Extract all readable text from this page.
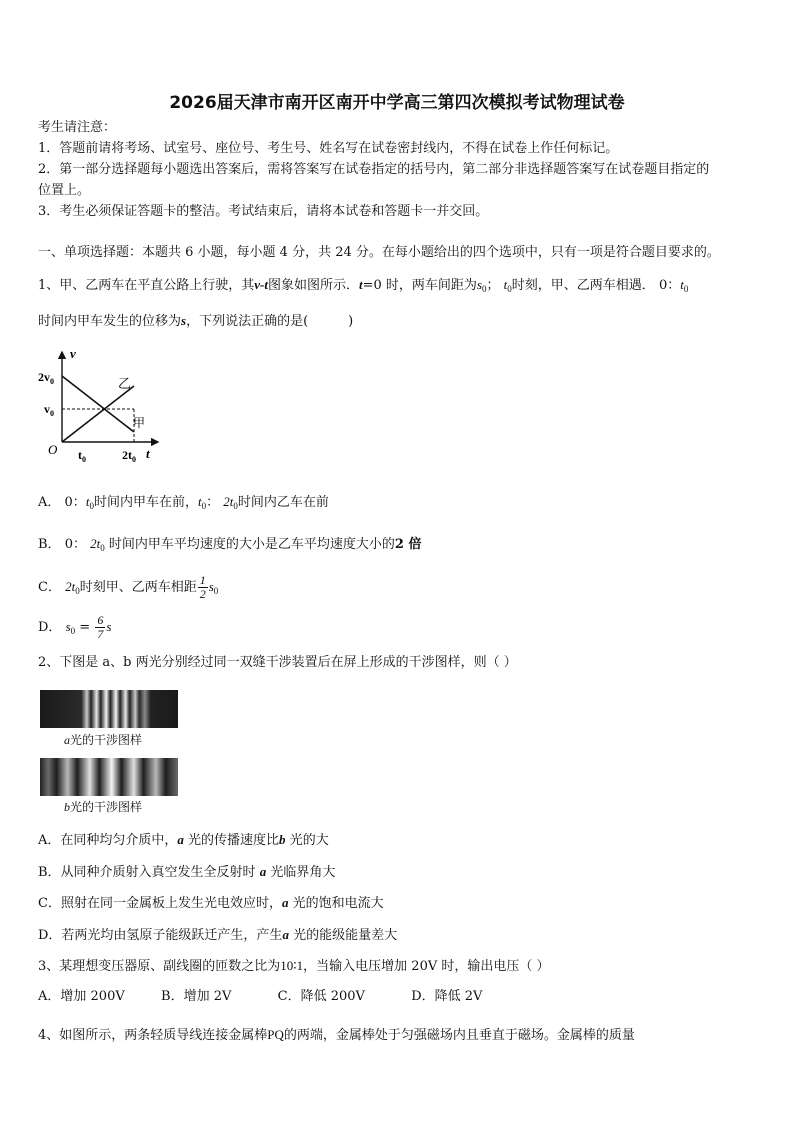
2026届天津市南开区南开中学高三第四次模拟考试物理试卷
考生请注意：
1．答题前请将考场、试室号、座位号、考生号、姓名写在试卷密封线内，不得在试卷上作任何标记。
2．第一部分选择题每小题选出答案后，需将答案写在试卷指定的括号内，第二部分非选择题答案写在试卷题目指定的
位置上。
3．考生必须保证答题卡的整洁。考试结束后，请将本试卷和答题卡一并交回。
一、单项选择题：本题共 6 小题，每小题 4 分，共 24 分。在每小题给出的四个选项中，只有一项是符合题目要求的。
1、甲、乙两车在平直公路上行驶，其v-t图象如图所示．t=0 时，两车间距为$s_0$； $t_0$时刻，甲、乙两车相遇． 0：$t_0$
时间内甲车发生的位移为s，下列说法正确的是(	)
v
t
O
$2v_0$
$v_0$
$t_0$	$2t_0$
乙
甲
A． 0：$t_0$时间内甲车在前，$t_0$： $2t_0$时间内乙车在前
B． 0： $2t_0$ 时间内甲车平均速度的大小是乙车平均速度大小的2 倍
C． $2t_0$时刻甲、乙两车相距 $\frac{1}{2} s_0$
D． $s_0 = \frac{6}{7}$ s
2、下图是 a、b 两光分别经过同一双缝干涉装置后在屏上形成的干涉图样，则（ ）
a光的干涉图样
b光的干涉图样
A．在同种均匀介质中，a 光的传播速度比b 光的大
B．从同种介质射入真空发生全反射时 a 光临界角大
C．照射在同一金属板上发生光电效应时，a 光的饱和电流大
D．若两光均由氢原子能级跃迁产生，产生a 光的能级能量差大
3、某理想变压器原、副线圈的匝数之比为10∶1，当输入电压增加 20V 时，输出电压（ ）
A．增加 200V	B．增加 2V	C．降低 200V	D．降低 2V
4、如图所示，两条轻质导线连接金属棒PQ的两端，金属棒处于匀强磁场内且垂直于磁场。金属棒的质量
